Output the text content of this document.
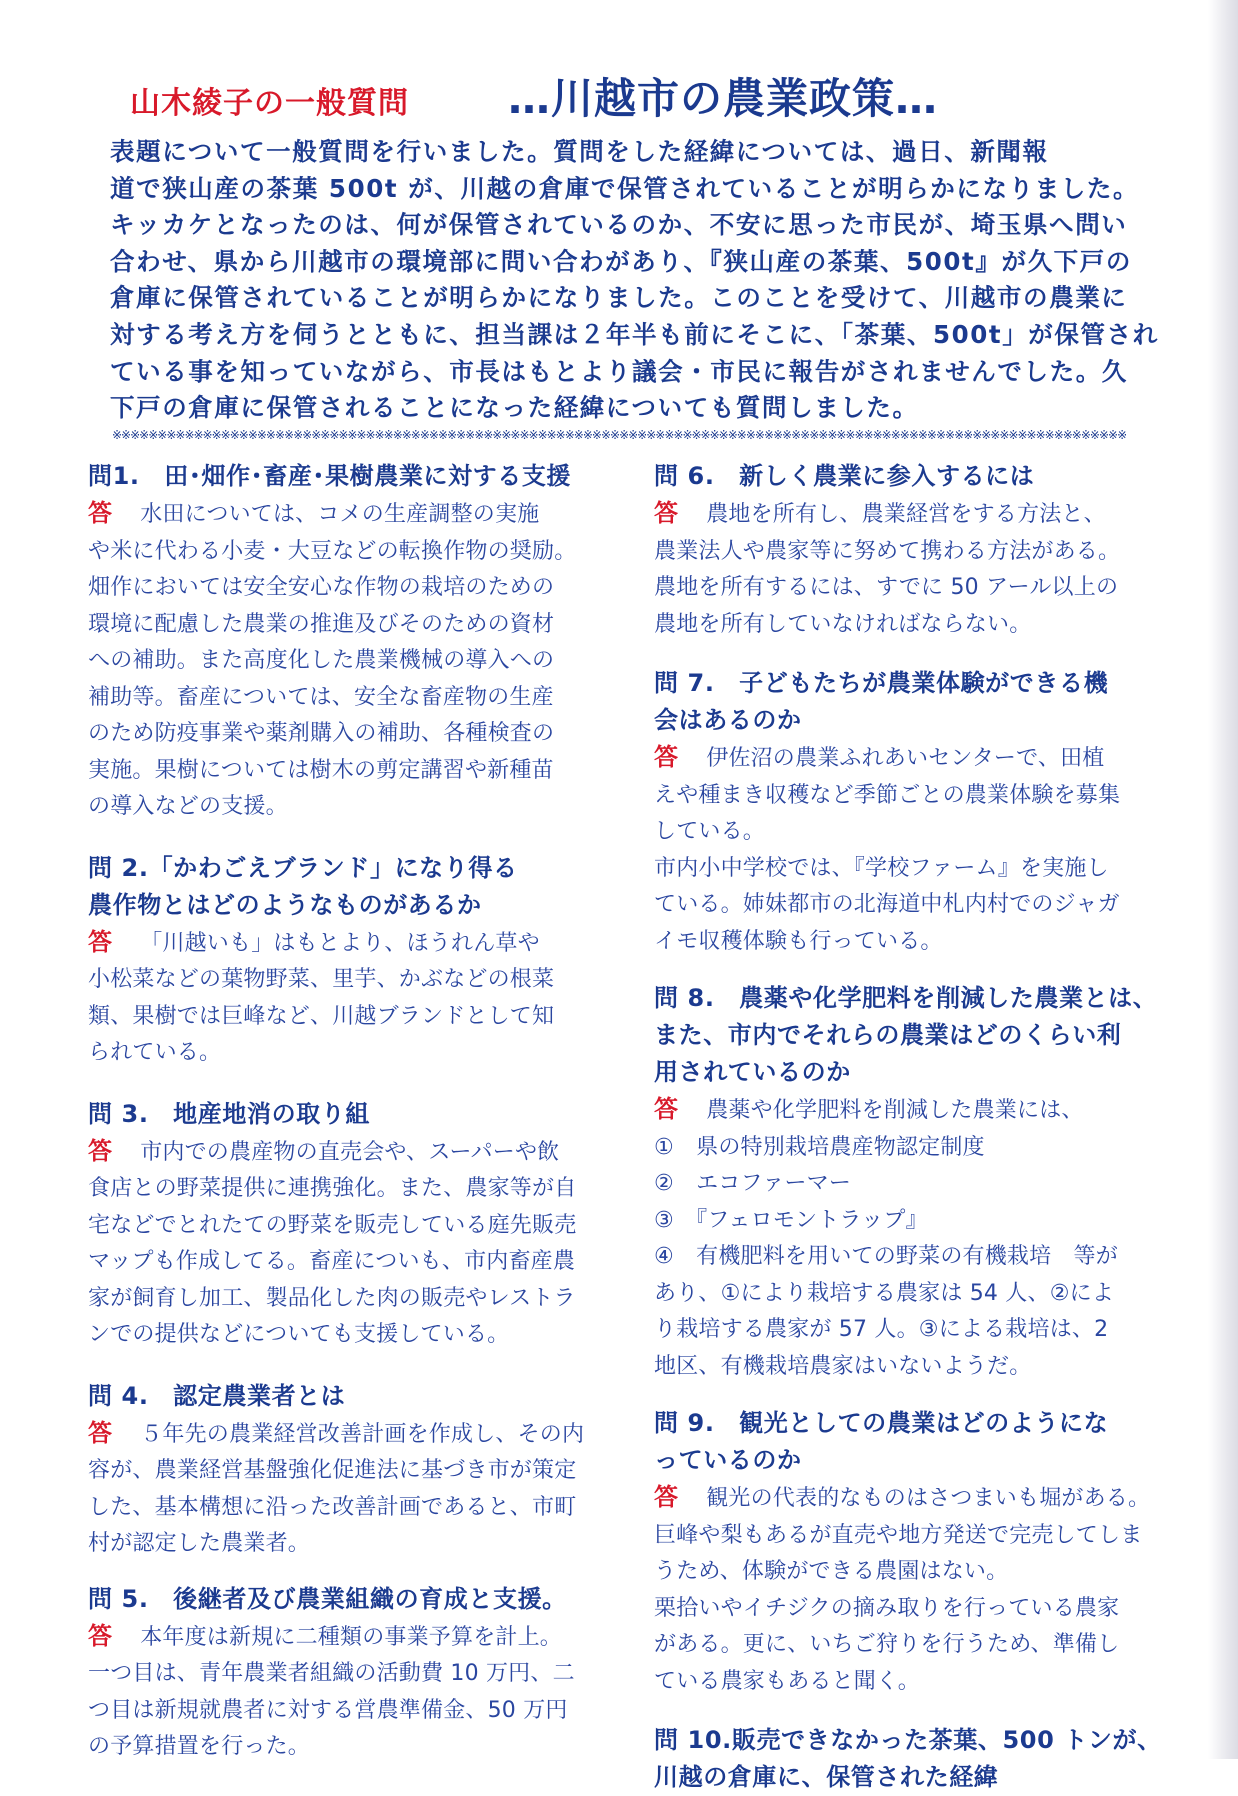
山木綾子の一般質問 …川越市の農業政策…
表題について一般質問を行いました。質問をした経緯については、過日、新聞報
道で狭山産の茶葉 500t が、川越の倉庫で保管されていることが明らかになりました。
キッカケとなったのは、何が保管されているのか、不安に思った市民が、埼玉県へ問い
合わせ、県から川越市の環境部に問い合わがあり、『狭山産の茶葉、500t』が久下戸の
倉庫に保管されていることが明らかになりました。このことを受けて、川越市の農業に
対する考え方を伺うとともに、担当課は２年半も前にそこに、「茶葉、500t」が保管され
ている事を知っていながら、市長はもとより議会・市民に報告がされませんでした。久
下戸の倉庫に保管されることになった経緯についても質問しました。
※※※※※※※※※※※※※※※※※※※※※※※※※※※※※※※※※※※※※※※※※※※※※※※※※※※※※※※※※※※※※※※※※※※※※※※※※※※※※※※※※※※※※※※※※※※※※※※※※※※※※※※※※※※※※※※※
問1.　田･畑作･畜産･果樹農業に対する支援
答 水田については、コメの生産調整の実施
や米に代わる小麦・大豆などの転換作物の奨励。
畑作においては安全安心な作物の栽培のための
環境に配慮した農業の推進及びそのための資材
への補助。また高度化した農業機械の導入への
補助等。畜産については、安全な畜産物の生産
のため防疫事業や薬剤購入の補助、各種検査の
実施。果樹については樹木の剪定講習や新種苗
の導入などの支援。
問 2.「かわごえブランド」になり得る
農作物とはどのようなものがあるか
答 「川越いも」はもとより、ほうれん草や
小松菜などの葉物野菜、里芋、かぶなどの根菜
類、果樹では巨峰など、川越ブランドとして知
られている。
問 3.　地産地消の取り組
答 市内での農産物の直売会や、スーパーや飲
食店との野菜提供に連携強化。また、農家等が自
宅などでとれたての野菜を販売している庭先販売
マップも作成してる。畜産についも、市内畜産農
家が飼育し加工、製品化した肉の販売やレストラ
ンでの提供などについても支援している。
問 4.　認定農業者とは
答 ５年先の農業経営改善計画を作成し、その内
容が、農業経営基盤強化促進法に基づき市が策定
した、基本構想に沿った改善計画であると、市町
村が認定した農業者。
問 5.　後継者及び農業組織の育成と支援。
答 本年度は新規に二種類の事業予算を計上。
一つ目は、青年農業者組織の活動費 10 万円、二
つ目は新規就農者に対する営農準備金、50 万円
の予算措置を行った。
問 6.　新しく農業に参入するには
答 農地を所有し、農業経営をする方法と、
農業法人や農家等に努めて携わる方法がある。
農地を所有するには、すでに 50 アール以上の
農地を所有していなければならない。
問 7.　子どもたちが農業体験ができる機
会はあるのか
答 伊佐沼の農業ふれあいセンターで、田植
えや種まき収穫など季節ごとの農業体験を募集
している。
市内小中学校では、『学校ファーム』を実施し
ている。姉妹都市の北海道中札内村でのジャガ
イモ収穫体験も行っている。
問 8.　農薬や化学肥料を削減した農業とは、
また、市内でそれらの農業はどのくらい利
用されているのか
答 農薬や化学肥料を削減した農業には、
①　県の特別栽培農産物認定制度
②　エコファーマー
③　『フェロモントラップ』
④　有機肥料を用いての野菜の有機栽培　等が
あり、①により栽培する農家は 54 人、②によ
り栽培する農家が 57 人。③による栽培は、2
地区、有機栽培農家はいないようだ。
問 9.　観光としての農業はどのようにな
っているのか
答 観光の代表的なものはさつまいも堀がある。
巨峰や梨もあるが直売や地方発送で完売してしま
うため、体験ができる農園はない。
栗拾いやイチジクの摘み取りを行っている農家
がある。更に、いちご狩りを行うため、準備し
ている農家もあると聞く。
問 10.販売できなかった茶葉、500 トンが、
川越の倉庫に、保管された経緯
